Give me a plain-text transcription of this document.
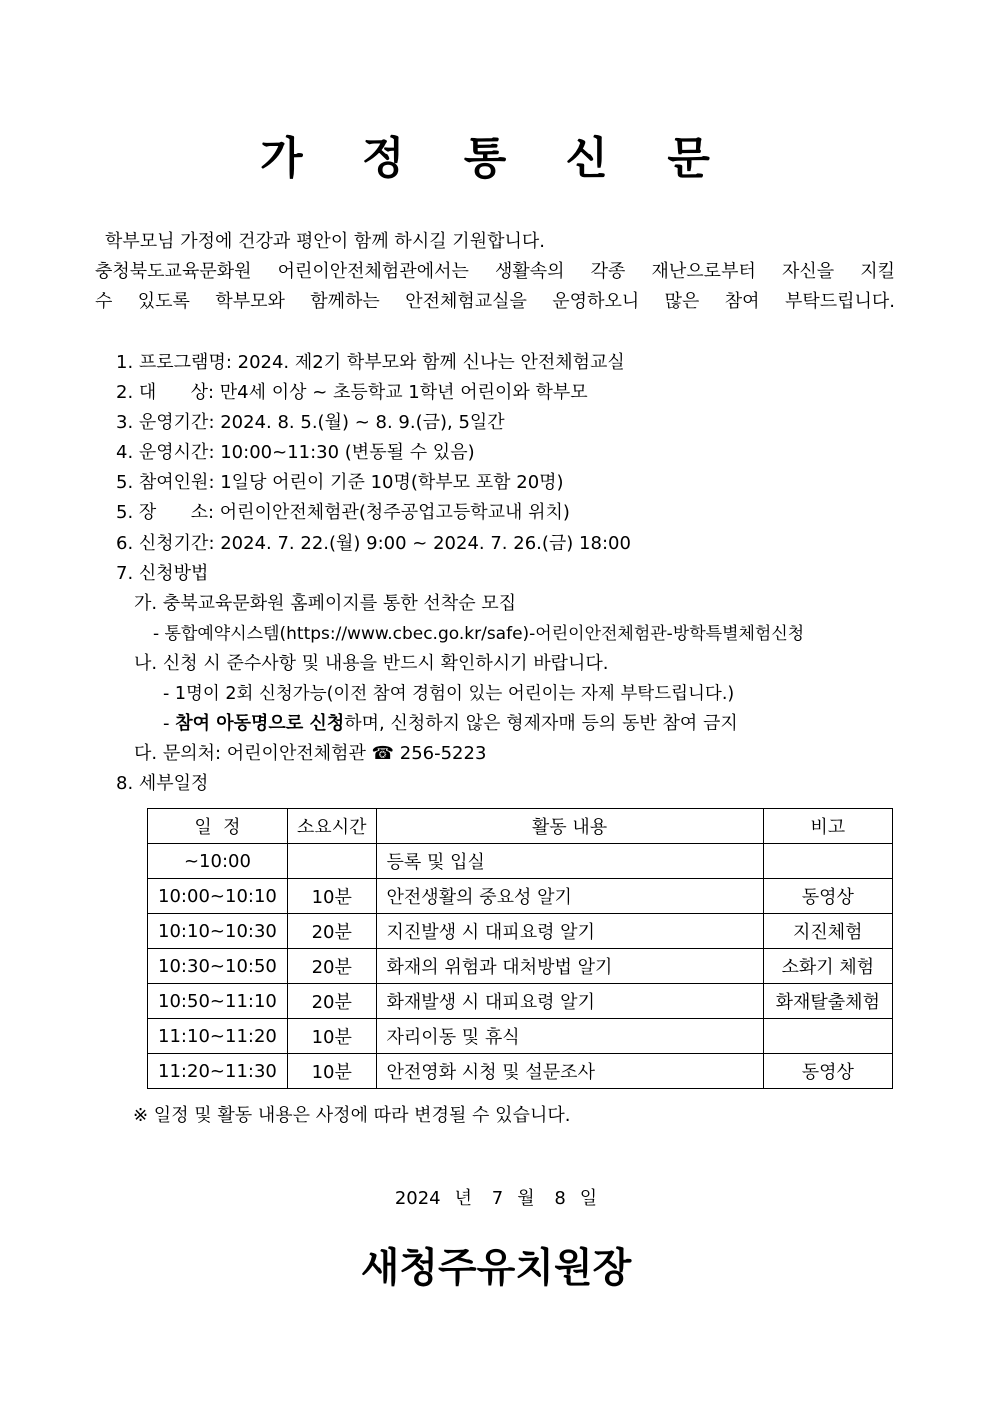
가 정 통 신 문
학부모님 가정에 건강과 평안이 함께 하시길 기원합니다.
충청북도교육문화원 어린이안전체험관에서는 생활속의 각종 재난으로부터 자신을 지킬
수 있도록 학부모와 함께하는 안전체험교실을 운영하오니 많은 참여 부탁드립니다.
1. 프로그램명: 2024. 제2기 학부모와 함께 신나는 안전체험교실
2. 대      상: 만4세 이상 ~ 초등학교 1학년 어린이와 학부모
3. 운영기간: 2024. 8. 5.(월) ~ 8. 9.(금), 5일간
4. 운영시간: 10:00~11:30 (변동될 수 있음)
5. 참여인원: 1일당 어린이 기준 10명(학부모 포함 20명)
5. 장      소: 어린이안전체험관(청주공업고등학교내 위치)
6. 신청기간: 2024. 7. 22.(월) 9:00 ~ 2024. 7. 26.(금) 18:00
7. 신청방법
가. 충북교육문화원 홈페이지를 통한 선착순 모집
- 통합예약시스템(https://www.cbec.go.kr/safe)-어린이안전체험관-방학특별체험신청
나. 신청 시 준수사항 및 내용을 반드시 확인하시기 바랍니다.
- 1명이 2회 신청가능(이전 참여 경험이 있는 어린이는 자제 부탁드립니다.)
- 참여 아동명으로 신청하며, 신청하지 않은 형제자매 등의 동반 참여 금지
다. 문의처: 어린이안전체험관 ☎ 256-5223
8. 세부일정
일  정	소요시간	활동 내용	비고
~10:00		등록 및 입실	
10:00~10:10	10분	안전생활의 중요성 알기	동영상
10:10~10:30	20분	지진발생 시 대피요령 알기	지진체험
10:30~10:50	20분	화재의 위험과 대처방법 알기	소화기 체험
10:50~11:10	20분	화재발생 시 대피요령 알기	화재탈출체험
11:10~11:20	10분	자리이동 및 휴식	
11:20~11:30	10분	안전영화 시청 및 설문조사	동영상
※ 일정 및 활동 내용은 사정에 따라 변경될 수 있습니다.
2024 년 7 월 8 일
새청주유치원장
